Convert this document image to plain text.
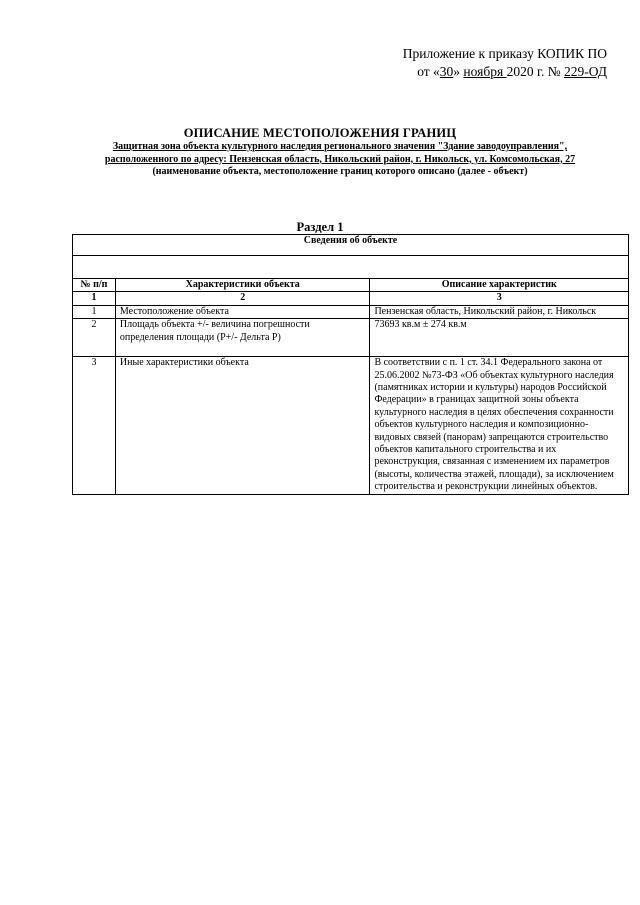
Приложение к приказу КОПИК ПО
от «30» ноября 2020 г. № 229-ОД
ОПИСАНИЕ МЕСТОПОЛОЖЕНИЯ ГРАНИЦ
Защитная зона объекта культурного наследия регионального значения "Здание заводоуправления",
расположенного по адресу: Пензенская область, Никольский район, г. Никольск, ул. Комсомольская, 27
(наименование объекта, местоположение границ которого описано (далее - объект)
Раздел 1
Сведения об объекте		

№ п/п	Характеристики объекта	Описание характеристик
1	2	3
1	Местоположение объекта	Пензенская область, Никольский район, г. Никольск
2	Площадь объекта +/- величина погрешности определения площади (Р+/- Дельта Р)	73693 кв.м ± 274 кв.м
3	Иные характеристики объекта	В соответствии с п. 1 ст. 34.1 Федерального закона от 25.06.2002 №73-ФЗ «Об объектах культурного наследия (памятниках истории и культуры) народов Российской Федерации» в границах защитной зоны объекта культурного наследия в целях обеспечения сохранности объектов культурного наследия и композиционно-видовых связей (панорам) запрещаются строительство объектов капитального строительства и их реконструкция, связанная с изменением их параметров (высоты, количества этажей, площади), за исключением строительства и реконструкции линейных объектов.
